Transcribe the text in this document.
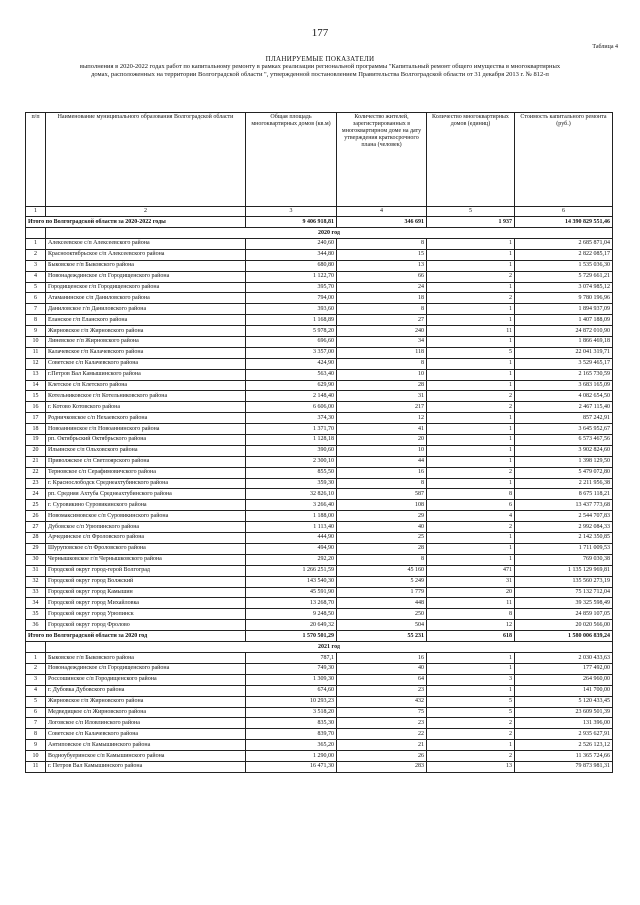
177
Таблица 4
ПЛАНИРУЕМЫЕ ПОКАЗАТЕЛИ
выполнения в 2020-2022 годах работ по капитальному ремонту в рамках реализации региональной программы "Капитальный ремонт общего имущества в многоквартирных
домах, расположенных на территории Волгоградской области ", утвержденной постановлением Правительства Волгоградской области от 31 декабря 2013 г. № 812-п
п/п	Наименование муниципального образования Волгоградской области	Общая площадь многоквартирных домов (кв.м)	Количество жителей, зарегистрированных в многоквартирном доме на дату утверждения краткосрочного плана (человек)	Количество многоквартирных домов (единиц)	Стоимость капитального ремонта (руб.)
1	2	3	4	5	6
Итого по Волгоградской области за 2020-2022 годы		9 406 918,81	346 691	1 937	14 390 829 551,46
	2020 год				
1	Алексеевское с/п Алексеевского района	240,60	8	1	2 685 871,04
2	Краснооктябрьское с/п Алексеевского района	344,80	15	1	2 822 085,17
3	Быковское г/п Быковского района	680,80	13	1	1 535 036,30
4	Новонадеждинское с/п Городищенского района	1 122,70	66	2	5 729 661,21
5	Городищенское г/п Городищенского района	395,70	24	1	3 074 985,12
6	Атаманинское с/п Даниловского района	794,00	18	2	9 780 196,96
7	Даниловское г/п Даниловского района	393,60	8	1	1 894 937,09
8	Еланское г/п Еланского района	1 168,89	27	1	1 407 188,09
9	Жирновское г/п Жирновского района	5 978,20	240	11	24 872 010,90
10	Линевское г/п Жирновского района	696,60	34	1	1 866 469,18
11	Калачевское г/п Калачевского района	3 357,00	118	5	22 041 319,71
12	Советское с/п Калачевского района	424,90	8	1	3 529 465,17
13	г.Петров Вал Камышинского района	563,40	10	1	2 165 730,59
14	Клетское с/п Клетского района	629,90	28	1	3 683 165,09
15	Котельниковское г/п Котельниковского района	2 148,40	31	2	4 082 654,50
16	г. Котово Котовского района	6 606,00	217	2	2 467 115,40
17	Родничковское с/п Нехаевского района	374,30	12	1	857 242,91
18	Новоаннинское г/п Новоаннинского района	1 371,70	41	1	3 645 952,67
19	рп. Октябрьский Октябрьского района	1 128,18	20	1	6 573 467,56
20	Ильинское с/п Ольховского района	390,60	10	1	3 902 824,60
21	Приволжское с/п Светлоярского района	2 300,10	44	1	1 398 129,50
22	Терновское с/п Серафимовичского района	855,50	16	2	5 479 072,80
23	г. Краснослободск Среднеахтубинского района	359,30	8	1	2 211 956,38
24	рп. Средняя Ахтуба Среднеахтубинского района	32 826,10	587	8	8 675 118,21
25	г. Суровикино Суровикинского района	3 266,40	108	6	13 437 773,68
26	Новомаксимовское с/п Суровикинского района	1 188,00	29	4	2 544 707,83
27	Дубовское с/п Урюпинского района	1 113,40	40	2	2 992 084,33
28	Арчединское с/п Фроловского района	444,90	25	1	2 142 350,85
29	Шуруповское с/п Фроловского района	494,90	28	1	1 711 009,53
30	Чернышковское г/п Чернышковского района	292,20	8	1	769 030,38
31	Городской округ город-герой Волгоград	1 266 251,59	45 160	471	1 135 129 969,81
32	Городской округ город Волжский	143 540,30	5 249	31	135 560 273,19
33	Городской округ город Камышин	45 591,90	1 779	20	75 132 712,04
34	Городской округ город Михайловка	13 268,70	448	11	39 325 598,49
35	Городской округ город Урюпинск	9 248,50	250	8	24 859 107,05
36	Городской округ город Фролово	20 649,32	504	12	20 020 566,00
Итого по Волгоградской области за 2020 год		1 570 501,29	55 231	618	1 580 006 839,24
	2021 год				
1	Быковское г/п Быковского района	787,1	16	1	2 030 433,63
2	Новонадеждинское с/п Городищенского района	749,30	40	1	177 492,00
3	Россошинское с/п Городищенского района	1 309,30	64	3	264 960,00
4	г. Дубовка Дубовского района	674,60	23	1	141 700,00
5	Жирновское г/п Жирновского района	10 293,23	432	5	5 120 433,45
6	Медведицкое с/п Жирновского района	3 518,20	75	5	23 609 501,39
7	Логовское с/п Иловлинского района	835,30	23	2	131 396,00
8	Советское с/п Калачевского района	839,70	22	2	2 935 627,91
9	Антиповское с/п Камышинского района	365,20	21	1	2 526 123,12
10	Водноубуеринское с/п Камышинского района	1 290,00	26	2	11 365 724,66
11	г. Петров Вал Камышинского района	16 471,30	283	13	79 873 981,31
